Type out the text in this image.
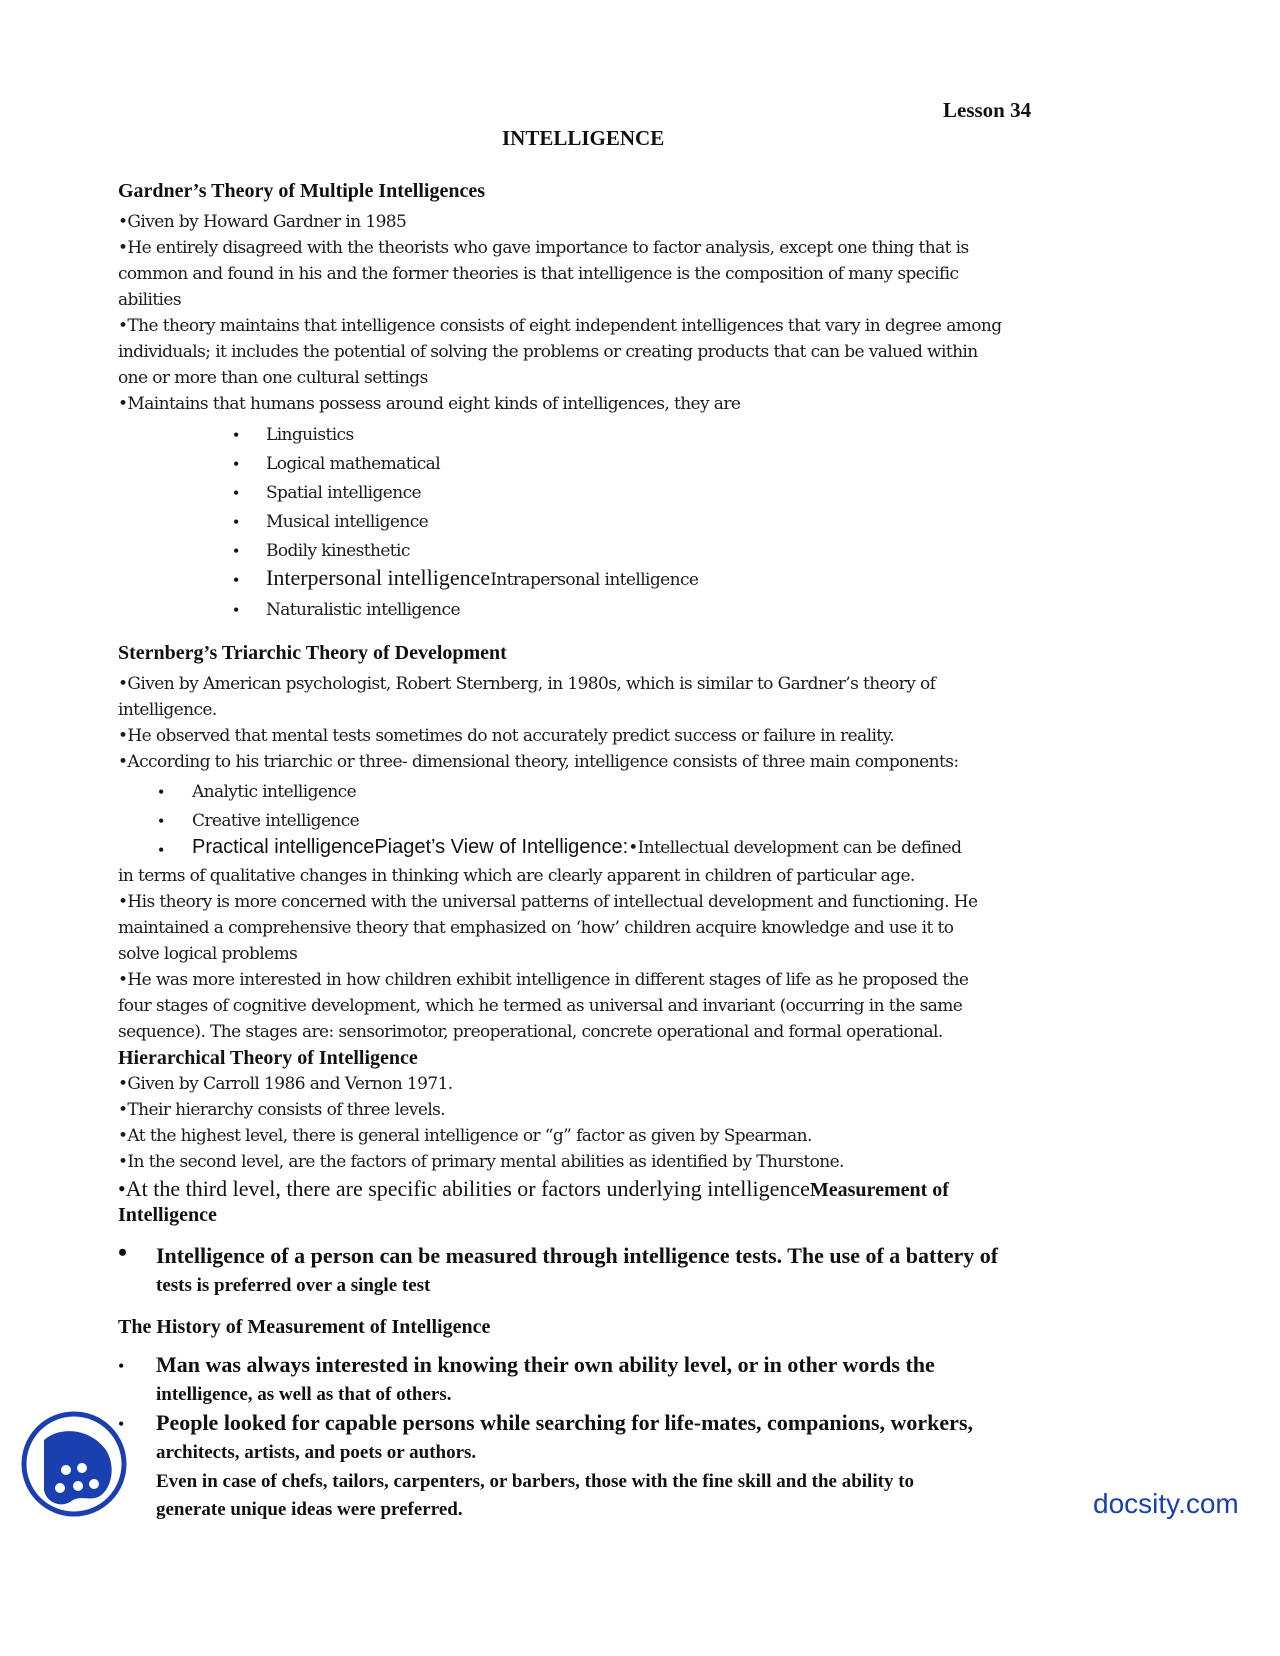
Lesson 34
INTELLIGENCE
Gardner’s Theory of Multiple Intelligences
•Given by Howard Gardner in 1985
•He entirely disagreed with the theorists who gave importance to factor analysis, except one thing that is
common and found in his and the former theories is that intelligence is the composition of many specific
abilities
•The theory maintains that intelligence consists of eight independent intelligences that vary in degree among
individuals; it includes the potential of solving the problems or creating products that can be valued within
one or more than one cultural settings
•Maintains that humans possess around eight kinds of intelligences, they are
• Linguistics
• Logical mathematical
• Spatial intelligence
• Musical intelligence
• Bodily kinesthetic
• Interpersonal intelligenceIntrapersonal intelligence
• Naturalistic intelligence
Sternberg’s Triarchic Theory of Development
•Given by American psychologist, Robert Sternberg, in 1980s, which is similar to Gardner’s theory of
intelligence.
•He observed that mental tests sometimes do not accurately predict success or failure in reality.
•According to his triarchic or three- dimensional theory, intelligence consists of three main components:
• Analytic intelligence
• Creative intelligence
• Practical intelligencePiaget’s View of Intelligence:•Intellectual development can be defined
in terms of qualitative changes in thinking which are clearly apparent in children of particular age.
•His theory is more concerned with the universal patterns of intellectual development and functioning. He
maintained a comprehensive theory that emphasized on ‘how’ children acquire knowledge and use it to
solve logical problems
•He was more interested in how children exhibit intelligence in different stages of life as he proposed the
four stages of cognitive development, which he termed as universal and invariant (occurring in the same
sequence). The stages are: sensorimotor, preoperational, concrete operational and formal operational.
Hierarchical Theory of Intelligence
•Given by Carroll 1986 and Vernon 1971.
•Their hierarchy consists of three levels.
•At the highest level, there is general intelligence or “g” factor as given by Spearman.
•In the second level, are the factors of primary mental abilities as identified by Thurstone.
•At the third level, there are specific abilities or factors underlying intelligenceMeasurement of
Intelligence
• Intelligence of a person can be measured through intelligence tests. The use of a battery of
tests is preferred over a single test
The History of Measurement of Intelligence
• Man was always interested in knowing their own ability level, or in other words the
intelligence, as well as that of others.
• People looked for capable persons while searching for life-mates, companions, workers,
architects, artists, and poets or authors.
Even in case of chefs, tailors, carpenters, or barbers, those with the fine skill and the ability to
generate unique ideas were preferred.	docsity.com
